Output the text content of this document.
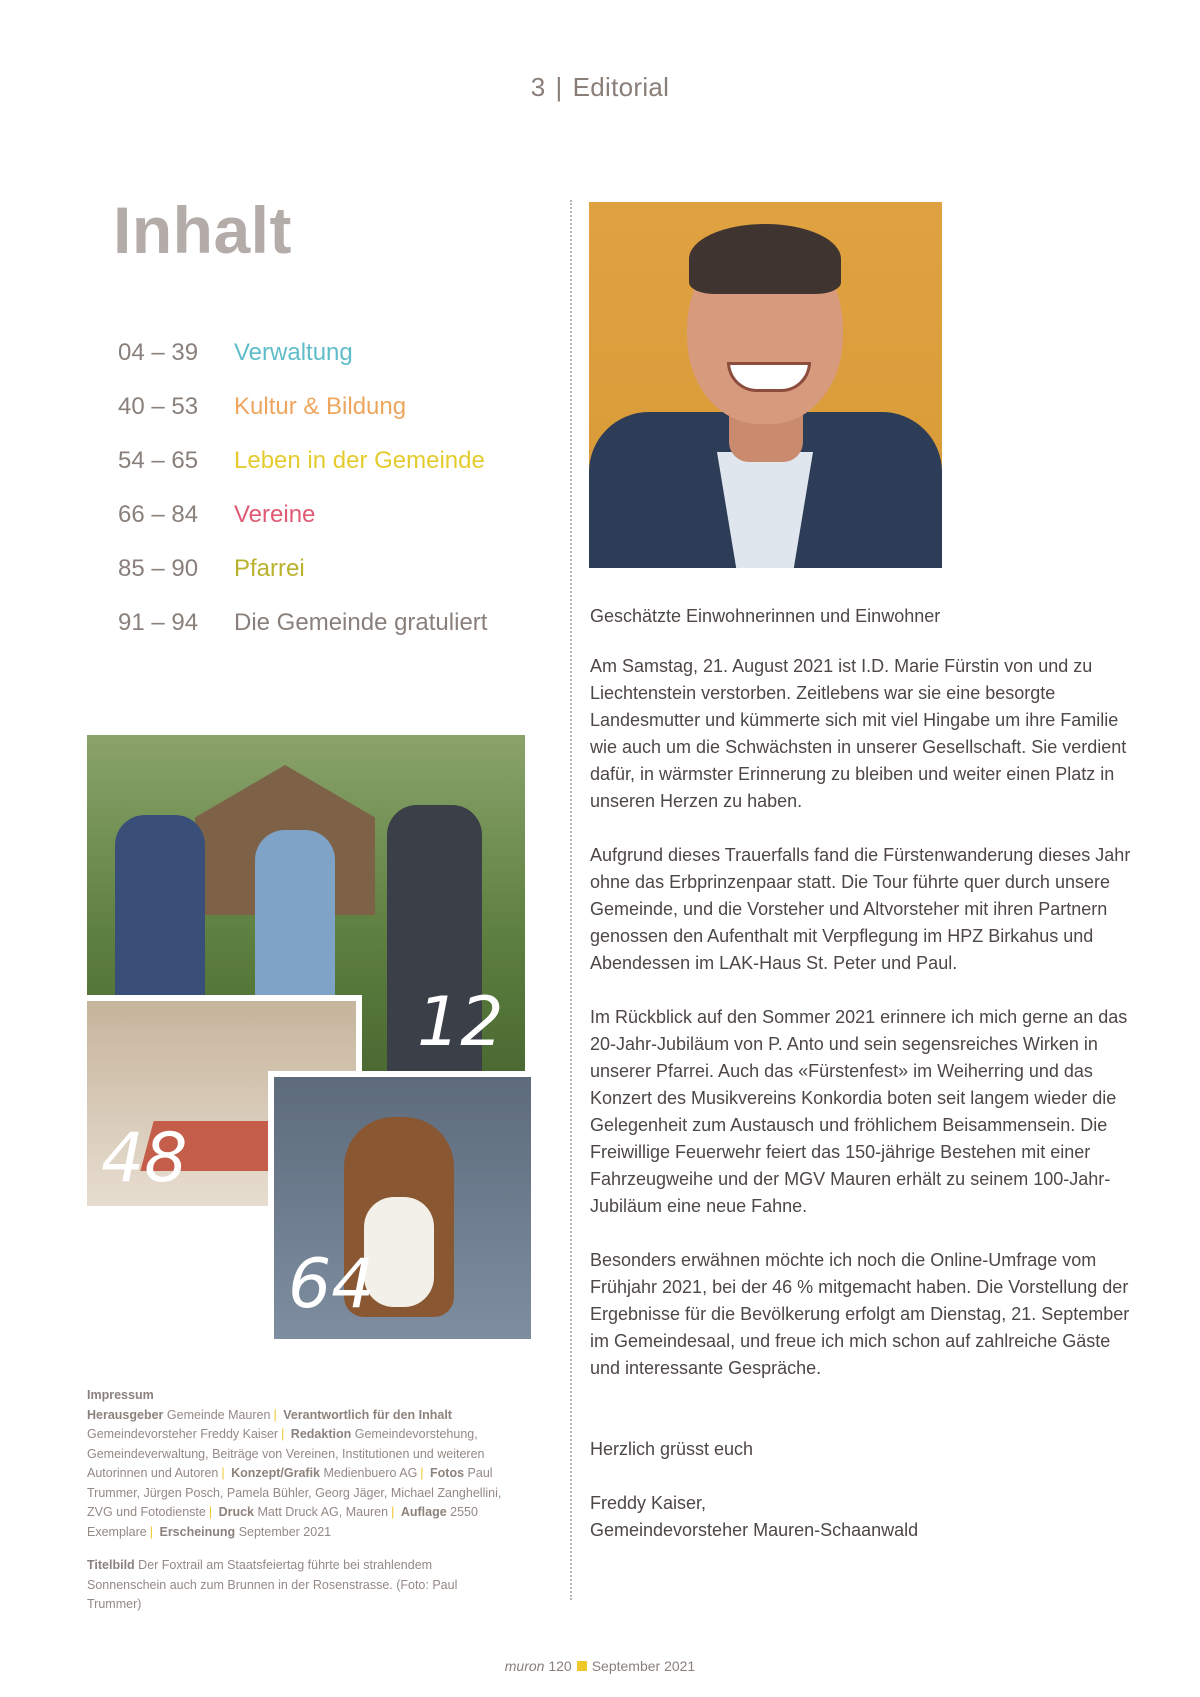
3 | Editorial
Inhalt
04 – 39	Verwaltung
40 – 53	Kultur & Bildung
54 – 65	Leben in der Gemeinde
66 – 84	Vereine
85 – 90	Pfarrei
91 – 94	Die Gemeinde gratuliert
12
48
64
Impressum
Herausgeber Gemeinde Mauren | Verantwortlich für den Inhalt Gemeindevorsteher Freddy Kaiser | Redaktion Gemeindevorstehung, Gemeindeverwaltung, Beiträge von Vereinen, Institutionen und weiteren Autorinnen und Autoren | Konzept/Grafik Medienbuero AG | Fotos Paul Trummer, Jürgen Posch, Pamela Bühler, Georg Jäger, Michael Zanghellini, ZVG und Fotodienste | Druck Matt Druck AG, Mauren | Auflage 2550 Exemplare | Erscheinung September 2021
Titelbild Der Foxtrail am Staatsfeiertag führte bei strahlendem Sonnenschein auch zum Brunnen in der Rosenstrasse. (Foto: Paul Trummer)

Geschätzte Einwohnerinnen und Einwohner

Am Samstag, 21. August 2021 ist I.D. Marie Fürstin von und zu Liechtenstein verstorben. Zeitlebens war sie eine besorgte Landesmutter und kümmerte sich mit viel Hingabe um ihre Familie wie auch um die Schwächsten in unserer Gesellschaft. Sie verdient dafür, in wärmster Erinnerung zu bleiben und weiter einen Platz in unseren Herzen zu haben.

Aufgrund dieses Trauerfalls fand die Fürstenwanderung dieses Jahr ohne das Erbprinzenpaar statt. Die Tour führte quer durch unsere Gemeinde, und die Vorsteher und Altvorsteher mit ihren Partnern genossen den Aufenthalt mit Verpflegung im HPZ Birkahus und Abendessen im LAK-Haus St. Peter und Paul.

Im Rückblick auf den Sommer 2021 erinnere ich mich gerne an das 20-Jahr-Jubiläum von P. Anto und sein segensreiches Wirken in unserer Pfarrei. Auch das «Fürstenfest» im Weiherring und das Konzert des Musikvereins Konkordia boten seit langem wieder die Gelegenheit zum Austausch und fröhlichem Beisammensein. Die Freiwillige Feuerwehr feiert das 150-jährige Bestehen mit einer Fahrzeugweihe und der MGV Mauren erhält zu seinem 100-Jahr-Jubiläum eine neue Fahne.

Besonders erwähnen möchte ich noch die Online-Umfrage vom Frühjahr 2021, bei der 46 % mitgemacht haben. Die Vorstellung der Ergebnisse für die Bevölkerung erfolgt am Dienstag, 21. September im Gemeindesaal, und freue ich mich schon auf zahlreiche Gäste und interessante Gespräche.

Herzlich grüsst euch

Freddy Kaiser,
Gemeindevorsteher Mauren-Schaanwald
muron 120 September 2021
